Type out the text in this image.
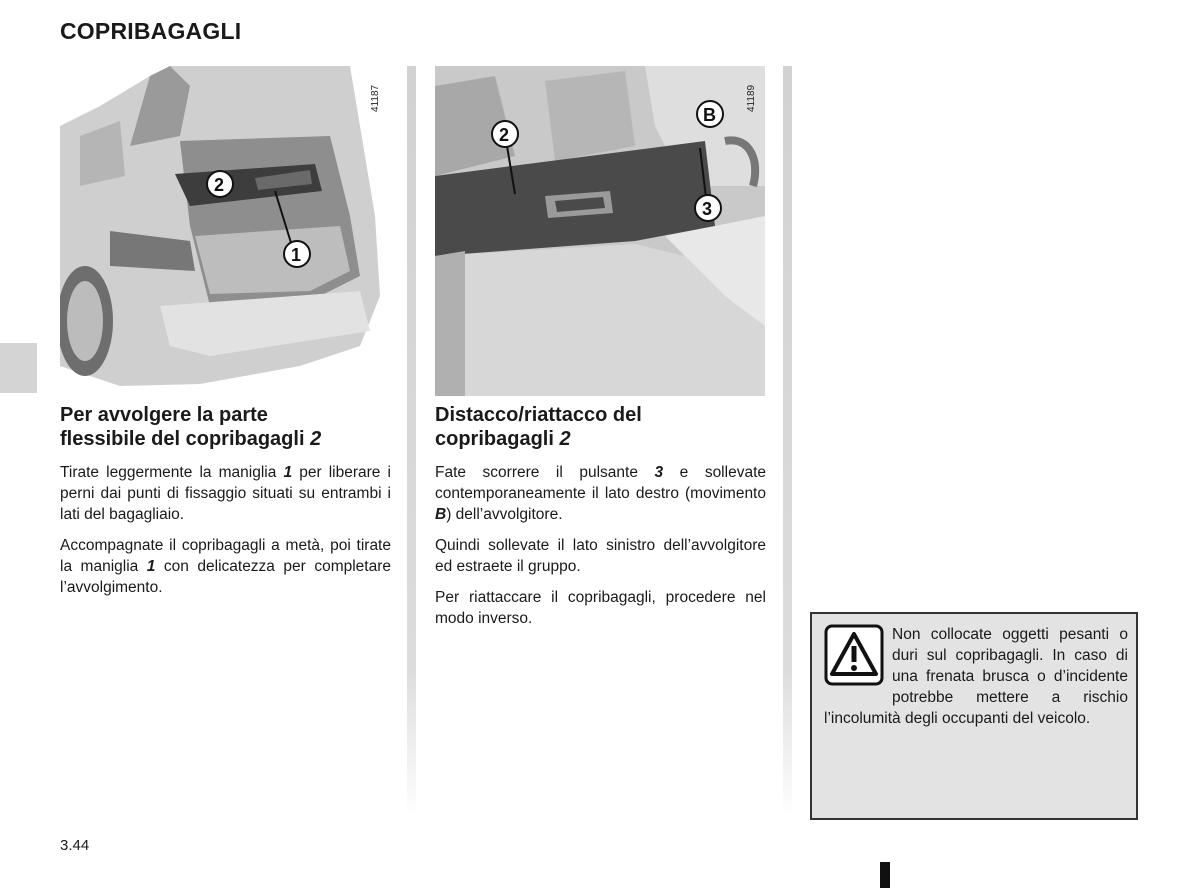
COPRIBAGAGLI
2
1
41187
2
B
3
41189
Per avvolgere la parte
flessibile del copribagagli 2

Tirate leggermente la maniglia 1 per liberare i perni dai punti di fissaggio situati su entrambi i lati del bagagliaio.

Accompagnate il copribagagli a metà, poi tirate la maniglia 1 con delicatezza per completare l’avvolgimento.

Distacco/riattacco del
copribagagli 2

Fate scorrere il pulsante 3 e sollevate contemporaneamente il lato destro (movimento B) dell’avvolgitore.

Quindi sollevate il lato sinistro dell’avvolgitore ed estraete il gruppo.

Per riattaccare il copribagagli, procedere nel modo inverso.

Non collocate oggetti pesanti o duri sul copribagagli. In caso di una frenata brusca o d’incidente potrebbe mettere a rischio l’incolumità degli occupanti del veicolo.
3.44
